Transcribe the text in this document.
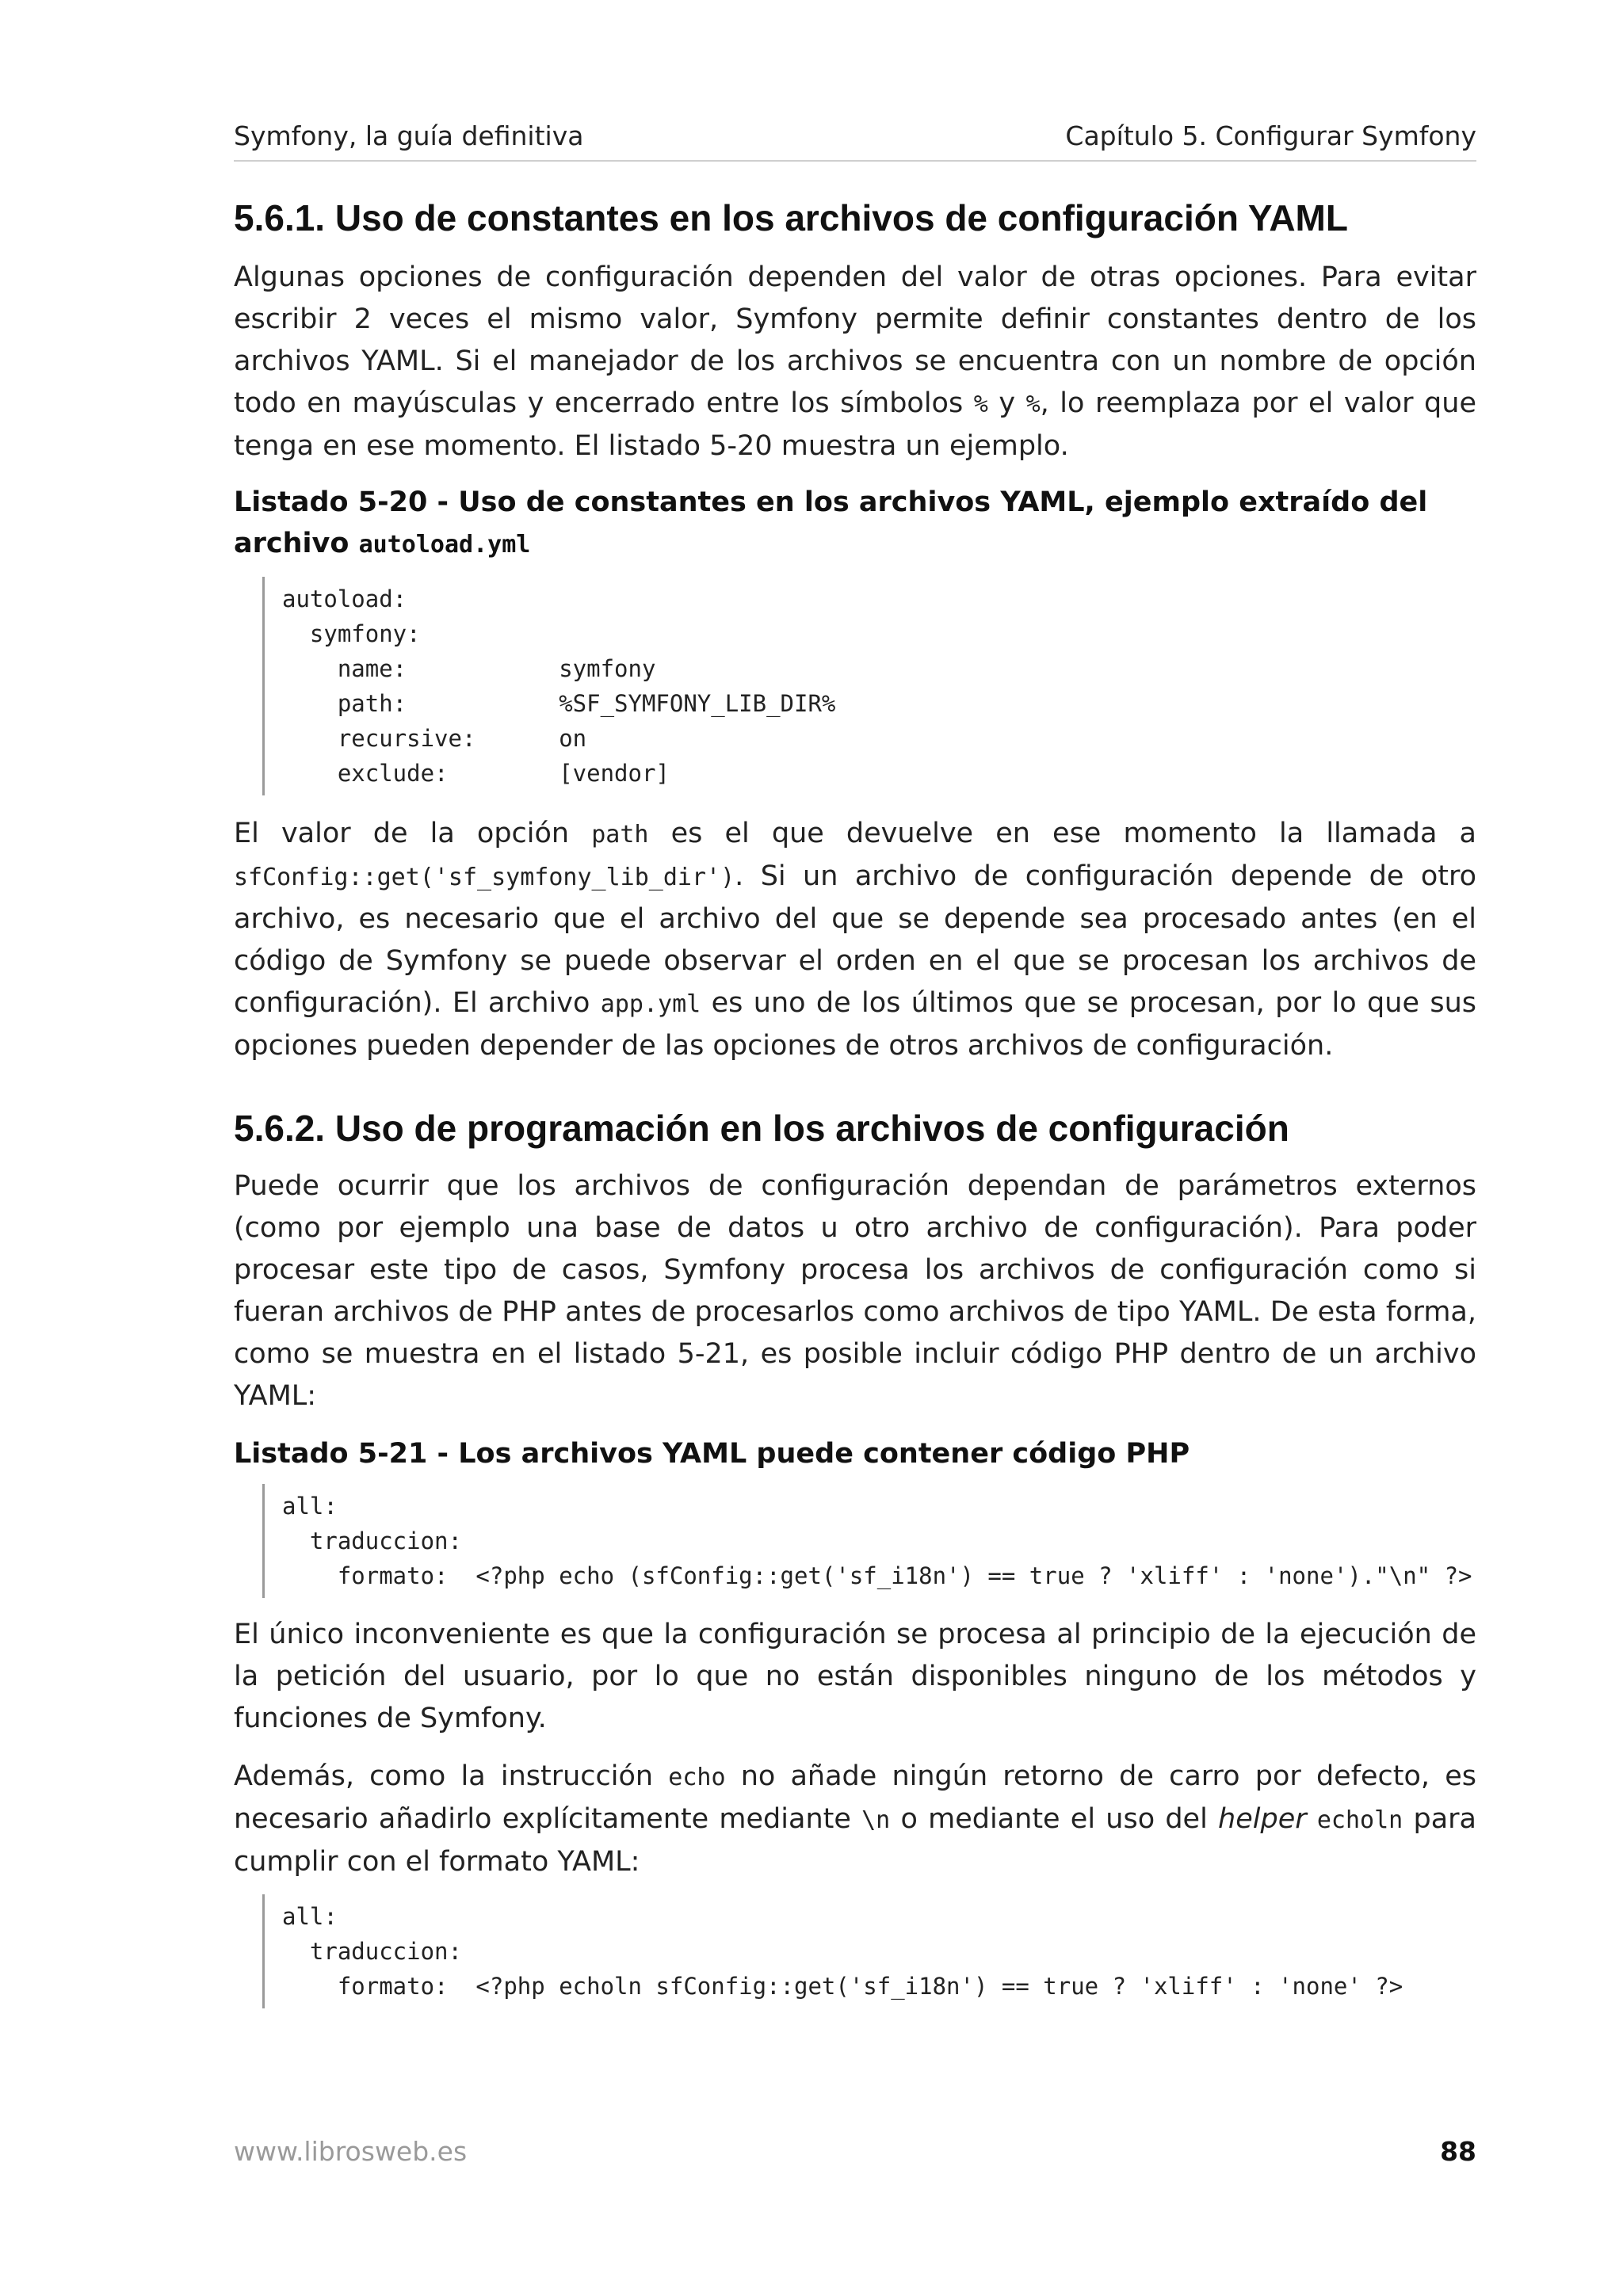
Symfony, la guía definitiva	Capítulo 5. Configurar Symfony
5.6.1. Uso de constantes en los archivos de configuración YAML

Algunas opciones de configuración dependen del valor de otras opciones. Para evitar escribir 2 veces el mismo valor, Symfony permite definir constantes dentro de los archivos YAML. Si el manejador de los archivos se encuentra con un nombre de opción todo en mayúsculas y encerrado entre los símbolos % y %, lo reemplaza por el valor que tenga en ese momento. El listado 5-20 muestra un ejemplo.

Listado 5-20 - Uso de constantes en los archivos YAML, ejemplo extraído del archivo autoload.yml
autoload:
symfony:
name:           symfony
path:           %SF_SYMFONY_LIB_DIR%
recursive:      on
exclude:        [vendor]

El valor de la opción path es el que devuelve en ese momento la llamada a sfConfig::get('sf_symfony_lib_dir'). Si un archivo de configuración depende de otro archivo, es necesario que el archivo del que se depende sea procesado antes (en el código de Symfony se puede observar el orden en el que se procesan los archivos de configuración). El archivo app.yml es uno de los últimos que se procesan, por lo que sus opciones pueden depender de las opciones de otros archivos de configuración.

5.6.2. Uso de programación en los archivos de configuración

Puede ocurrir que los archivos de configuración dependan de parámetros externos (como por ejemplo una base de datos u otro archivo de configuración). Para poder procesar este tipo de casos, Symfony procesa los archivos de configuración como si fueran archivos de PHP antes de procesarlos como archivos de tipo YAML. De esta forma, como se muestra en el listado 5-21, es posible incluir código PHP dentro de un archivo YAML:

Listado 5-21 - Los archivos YAML puede contener código PHP
all:
traduccion:
formato:  <?php echo (sfConfig::get('sf_i18n') == true ? 'xliff' : 'none')."\n" ?>

El único inconveniente es que la configuración se procesa al principio de la ejecución de la petición del usuario, por lo que no están disponibles ninguno de los métodos y funciones de Symfony.

Además, como la instrucción echo no añade ningún retorno de carro por defecto, es necesario añadirlo explícitamente mediante \n o mediante el uso del helper echoln para cumplir con el formato YAML:

all:
traduccion:
formato:  <?php echoln sfConfig::get('sf_i18n') == true ? 'xliff' : 'none' ?>
www.librosweb.es	88
